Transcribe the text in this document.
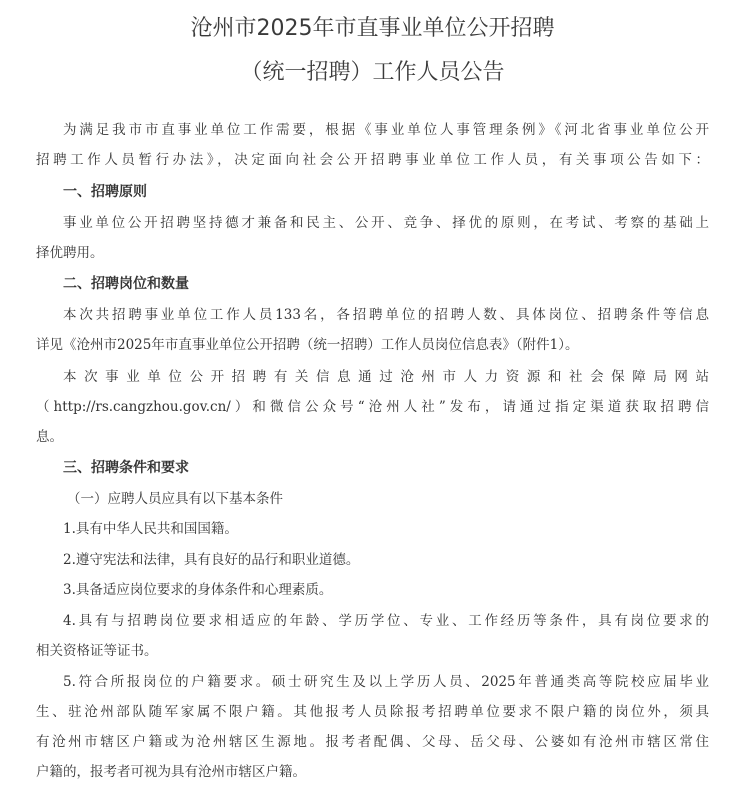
沧州市2025年市直事业单位公开招聘
（统一招聘）工作人员公告
为满足我市市直事业单位工作需要，根据《事业单位人事管理条例》《河北省事业单位公开
招聘工作人员暂行办法》，决定面向社会公开招聘事业单位工作人员，有关事项公告如下：
一、招聘原则
事业单位公开招聘坚持德才兼备和民主、公开、竞争、择优的原则，在考试、考察的基础上
择优聘用。
二、招聘岗位和数量
本次共招聘事业单位工作人员133名，各招聘单位的招聘人数、具体岗位、招聘条件等信息
详见《沧州市2025年市直事业单位公开招聘（统一招聘）工作人员岗位信息表》（附件1）。
本次事业单位公开招聘有关信息通过沧州市人力资源和社会保障局网站
（http://rs.cangzhou.gov.cn/）和微信公众号“沧州人社”发布，请通过指定渠道获取招聘信
息。
三、招聘条件和要求
（一）应聘人员应具有以下基本条件
1.具有中华人民共和国国籍。
2.遵守宪法和法律，具有良好的品行和职业道德。
3.具备适应岗位要求的身体条件和心理素质。
4.具有与招聘岗位要求相适应的年龄、学历学位、专业、工作经历等条件，具有岗位要求的
相关资格证等证书。
5.符合所报岗位的户籍要求。硕士研究生及以上学历人员、2025年普通类高等院校应届毕业
生、驻沧州部队随军家属不限户籍。其他报考人员除报考招聘单位要求不限户籍的岗位外，须具
有沧州市辖区户籍或为沧州辖区生源地。报考者配偶、父母、岳父母、公婆如有沧州市辖区常住
户籍的，报考者可视为具有沧州市辖区户籍。
